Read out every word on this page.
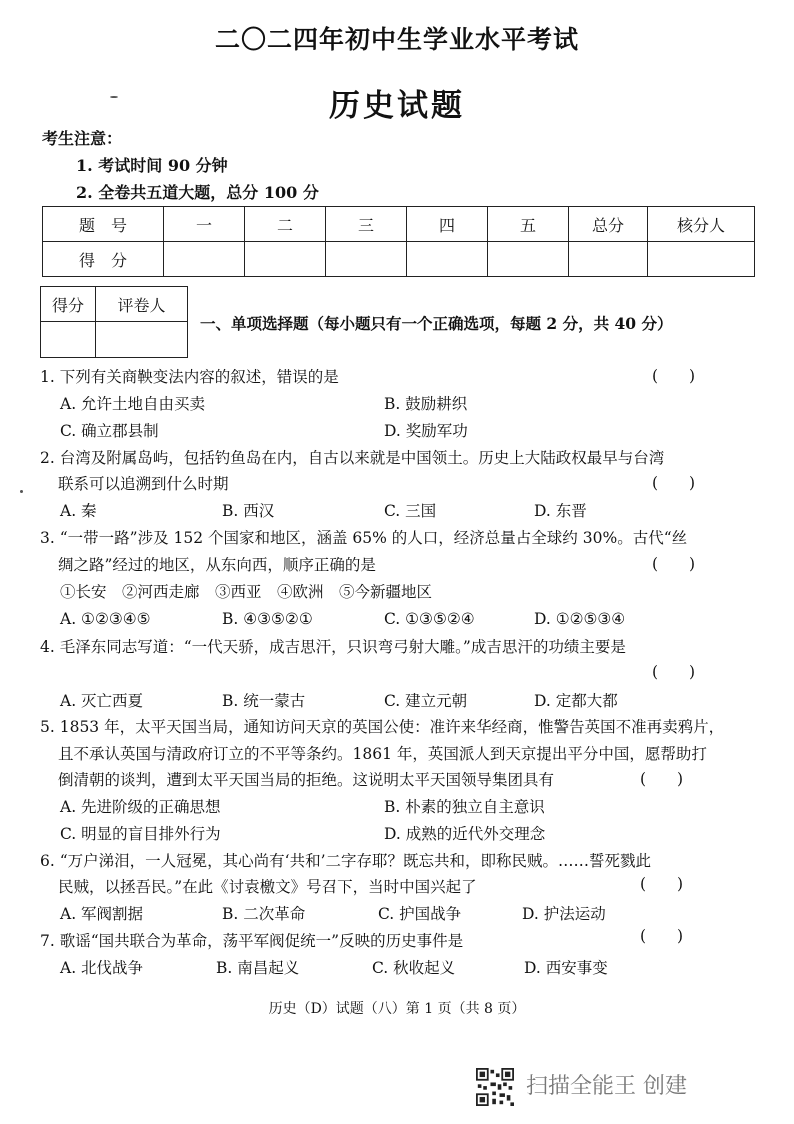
二〇二四年初中生学业水平考试
历史试题
考生注意：
1. 考试时间 90 分钟
2. 全卷共五道大题，总分 100 分
题　号	一	二	三	四	五	总分	核分人
得　分							
得分	评卷人

一、单项选择题（每小题只有一个正确选项，每题 2 分，共 40 分）
1. 下列有关商鞅变法内容的叙述，错误的是	(　　)
A. 允许土地自由买卖	B. 鼓励耕织
C. 确立郡县制	D. 奖励军功
2. 台湾及附属岛屿，包括钓鱼岛在内，自古以来就是中国领土。历史上大陆政权最早与台湾
联系可以追溯到什么时期	(　　)
A. 秦	B. 西汉	C. 三国	D. 东晋
3. “一带一路”涉及 152 个国家和地区，涵盖 65% 的人口，经济总量占全球约 30%。古代“丝
绸之路”经过的地区，从东向西，顺序正确的是	(　　)
①长安　②河西走廊　③西亚　④欧洲　⑤今新疆地区
A. ①②③④⑤	B. ④③⑤②①	C. ①③⑤②④	D. ①②⑤③④
4. 毛泽东同志写道：“一代天骄，成吉思汗，只识弯弓射大雕。”成吉思汗的功绩主要是
(　　)
A. 灭亡西夏	B. 统一蒙古	C. 建立元朝	D. 定都大都
5. 1853 年，太平天国当局，通知访问天京的英国公使：准许来华经商，惟警告英国不准再卖鸦片，
且不承认英国与清政府订立的不平等条约。1861 年，英国派人到天京提出平分中国，愿帮助打
倒清朝的谈判，遭到太平天国当局的拒绝。这说明太平天国领导集团具有	(　　)
A. 先进阶级的正确思想	B. 朴素的独立自主意识
C. 明显的盲目排外行为	D. 成熟的近代外交理念
6. “万户涕泪，一人冠冕，其心尚有‘共和’二字存耶？既忘共和，即称民贼。……誓死戮此
民贼，以拯吾民。”在此《讨袁檄文》号召下，当时中国兴起了	(　　)
A. 军阀割据	B. 二次革命	C. 护国战争	D. 护法运动
7. 歌谣“国共联合为革命，荡平军阀促统一”反映的历史事件是	(　　)
A. 北伐战争	B. 南昌起义	C. 秋收起义	D. 西安事变
历史（D）试题（八）第 1 页（共 8 页）
扫描全能王 创建
